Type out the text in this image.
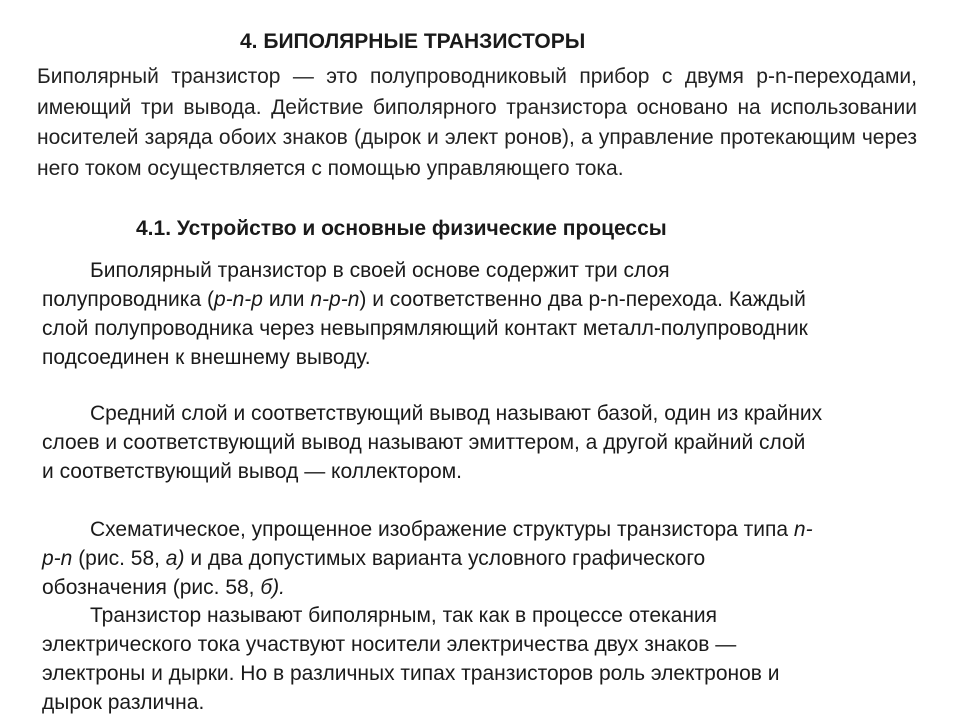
4. БИПОЛЯРНЫЕ ТРАНЗИСТОРЫ

Биполярный транзистор — это полупроводниковый прибор с двумя p-n-переходами, имеющий три вывода. Действие биполярного транзистора основано на использовании носителей заряда обоих знаков (дырок и элект ронов), а управление протекающим через него током осуществляется с помощью управляющего тока.

4.1. Устройство и основные физические процессы
Биполярный транзистор в своей основе содержит три слоя
полупроводника (p-n-p или n-p-n) и соответственно два p-n-перехода. Каждый
слой полупроводника через невыпрямляющий контакт металл-полупроводник
подсоединен к внешнему выводу.
Средний слой и соответствующий вывод называют базой, один из крайних
слоев и соответствующий вывод называют эмиттером, а другой крайний слой
и соответствующий вывод — коллектором.
Схематическое, упрощенное изображение структуры транзистора типа n-
p-n (рис. 58, а) и два допустимых варианта условного графического
обозначения (рис. 58, б).
Транзистор называют биполярным, так как в процессе отекания
электрического тока участвуют носители электричества двух знаков —
электроны и дырки. Но в различных типах транзисторов роль электронов и
дырок различна.
